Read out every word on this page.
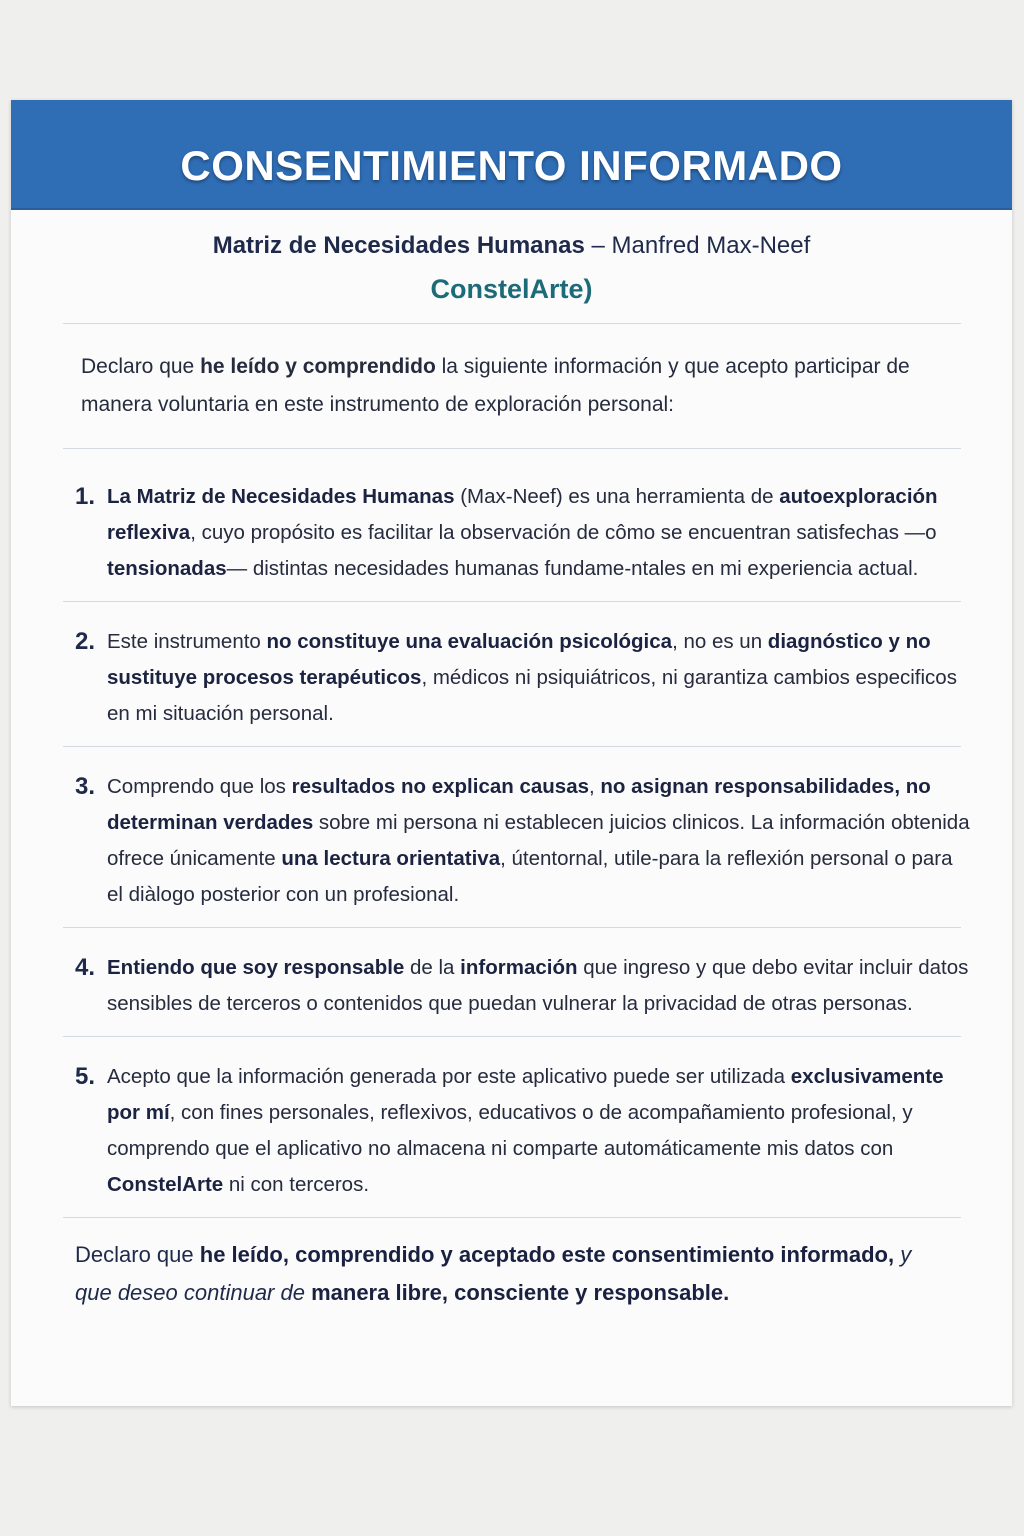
CONSENTIMIENTO INFORMADO
Matriz de Necesidades Humanas – Manfred Max-Neef
ConstelArte)
Declaro que he leído y comprendido la siguiente información y que acepto participar de manera voluntaria en este instrumento de exploración personal:
1. La Matriz de Necesidades Humanas (Max-Neef) es una herramienta de autoexploración reflexiva, cuyo propósito es facilitar la observación de cômo se encuentran satisfechas —o tensionadas— distintas necesidades humanas fundame-ntales en mi experiencia actual.
2. Este instrumento no constituye una evaluación psicológica, no es un diagnóstico y no sustituye procesos terapéuticos, médicos ni psiquiátricos, ni garantiza cambios especificos en mi situación personal.
3. Comprendo que los resultados no explican causas, no asignan responsabilidades, no determinan verdades sobre mi persona ni establecen juicios clinicos. La información obtenida ofrece únicamente una lectura orientativa, útentornal, utile-para la reflexión personal o para el diàlogo posterior con un profesional.
4. Entiendo que soy responsable de la información que ingreso y que debo evitar incluir datos sensibles de terceros o contenidos que puedan vulnerar la privacidad de otras personas.
5. Acepto que la información generada por este aplicativo puede ser utilizada exclusivamente por mí, con fines personales, reflexivos, educativos o de acompañamiento profesional, y comprendo que el aplicativo no almacena ni comparte automáticamente mis datos con ConstelArte ni con terceros.
Declaro que he leído, comprendido y aceptado este consentimiento informado, y que deseo continuar de manera libre, consciente y responsable.
